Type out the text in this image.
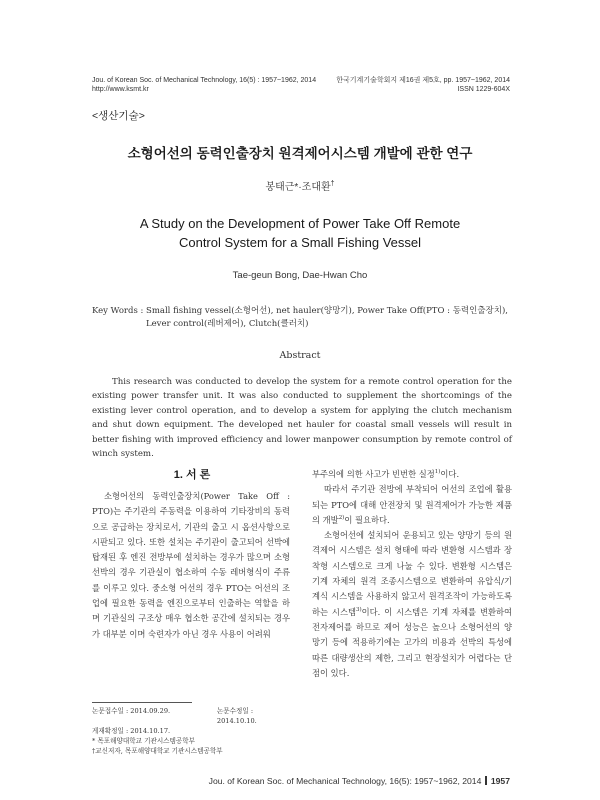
Jou. of Korean Soc. of Mechanical Technology, 16(5) : 1957~1962, 2014
http://www.ksmt.kr
한국기계기술학회지 제16권 제5호, pp. 1957~1962, 2014
ISSN 1229-604X
<생산기술>
소형어선의 동력인출장치 원격제어시스템 개발에 관한 연구
봉태근*·조대환†
A Study on the Development of Power Take Off Remote
Control System for a Small Fishing Vessel
Tae-geun Bong, Dae-Hwan Cho
Key Words : Small fishing vessel(소형어선), net hauler(양망기), Power Take Off(PTO : 동력인출장치), Lever control(레버제어), Clutch(클러치)
Abstract
This research was conducted to develop the system for a remote control operation for the existing power transfer unit. It was also conducted to supplement the shortcomings of the existing lever control operation, and to develop a system for applying the clutch mechanism and shut down equipment. The developed net hauler for coastal small vessels will result in better fishing with improved efficiency and lower manpower consumption by remote control of winch system.
1. 서 론

소형어선의 동력인출장치(Power Take Off : PTO)는 주기관의 주동력을 이용하여 기타장비의 동력으로 공급하는 장치로서, 기관의 출고 시 옵션사항으로 시판되고 있다. 또한 설치는 주기관이 출고되어 선박에 탑재된 후 엔진 전방부에 설치하는 경우가 많으며 소형 선박의 경우 기관실이 협소하여 수동 레버형식이 주류를 이루고 있다. 중소형 어선의 경우 PTO는 어선의 조업에 필요한 동력을 엔진으로부터 인출하는 역할을 하며 기관실의 구조상 매우 협소한 공간에 설치되는 경우가 대부분 이며 숙련자가 아닌 경우 사용이 어려워

부주의에 의한 사고가 빈번한 실정$^{1)}$이다.

따라서 주기관 전방에 부착되어 어선의 조업에 활용되는 PTO에 대해 안전장치 및 원격제어가 가능한 제품의 개발$^{2)}$이 필요하다.

소형어선에 설치되어 운용되고 있는 양망기 등의 원격제어 시스템은 설치 형태에 따라 변환형 시스템과 장착형 시스템으로 크게 나눌 수 있다. 변환형 시스템은 기계 자체의 원격 조종시스템으로 변환하여 유압식/기계식 시스템을 사용하지 않고서 원격조작이 가능하도록 하는 시스템$^{3)}$이다. 이 시스템은 기계 자체를 변환하여 전자제어를 하므로 제어 성능은 높으나 소형어선의 양망기 등에 적용하기에는 고가의 비용과 선박의 특성에 따른 대량생산의 제한, 그리고 현장설치가 어렵다는 단점이 있다.

논문접수일 : 2014.09.29.	논문수정일 : 2014.10.10.
게재확정일 : 2014.10.17.
* 목포해양대학교 기관시스템공학부
†교신저자, 목포해양대학교 기관시스템공학부
Jou. of Korean Soc. of Mechanical Technology, 16(5): 1957~1962, 2014 1957
